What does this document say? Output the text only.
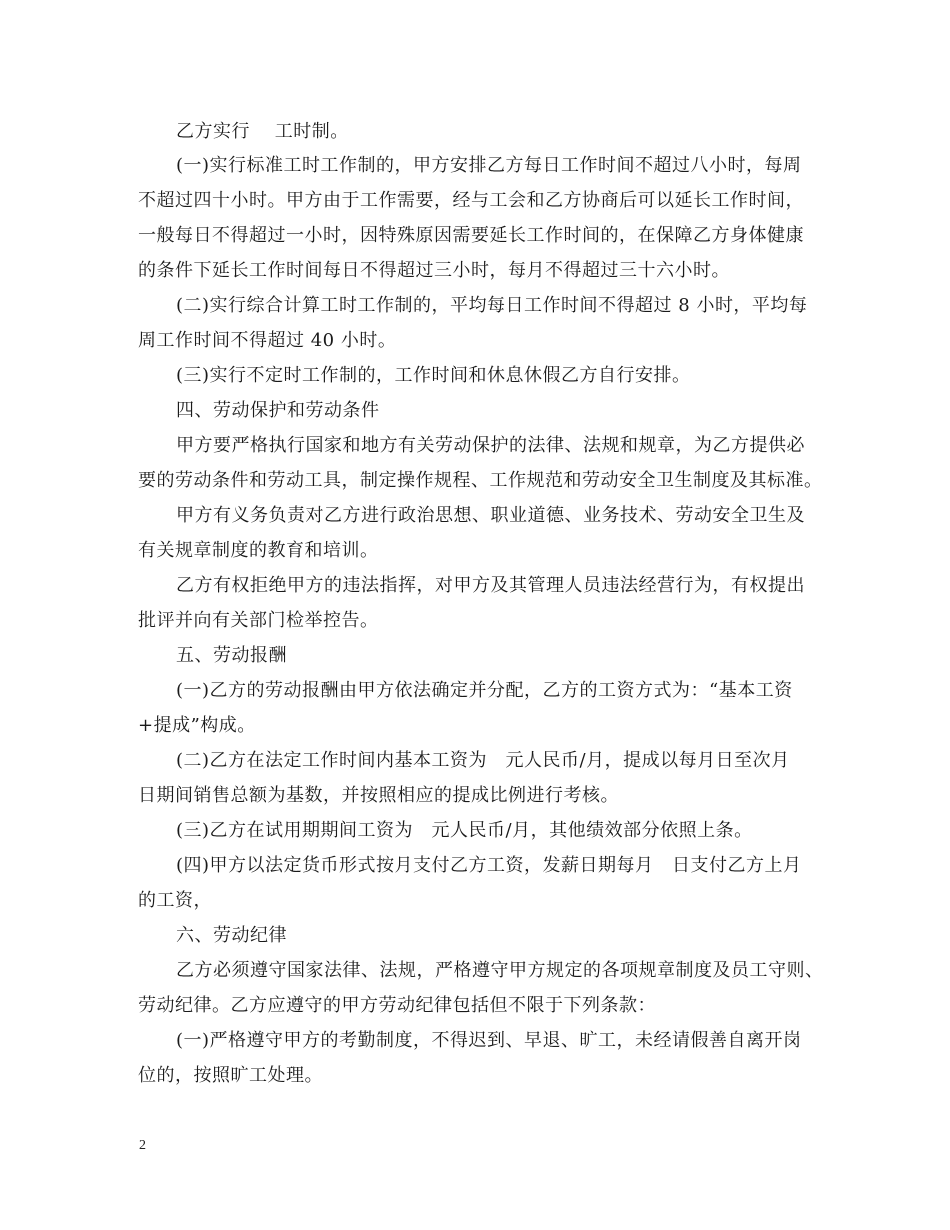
乙方实行　 工时制。
(一)实行标准工时工作制的，甲方安排乙方每日工作时间不超过八小时，每周
不超过四十小时。甲方由于工作需要，经与工会和乙方协商后可以延长工作时间，
一般每日不得超过一小时，因特殊原因需要延长工作时间的，在保障乙方身体健康
的条件下延长工作时间每日不得超过三小时，每月不得超过三十六小时。
(二)实行综合计算工时工作制的，平均每日工作时间不得超过 8 小时，平均每
周工作时间不得超过 40 小时。
(三)实行不定时工作制的，工作时间和休息休假乙方自行安排。
四、劳动保护和劳动条件
甲方要严格执行国家和地方有关劳动保护的法律、法规和规章，为乙方提供必
要的劳动条件和劳动工具，制定操作规程、工作规范和劳动安全卫生制度及其标准。
甲方有义务负责对乙方进行政治思想、职业道德、业务技术、劳动安全卫生及
有关规章制度的教育和培训。
乙方有权拒绝甲方的违法指挥，对甲方及其管理人员违法经营行为，有权提出
批评并向有关部门检举控告。
五、劳动报酬
(一)乙方的劳动报酬由甲方依法确定并分配，乙方的工资方式为：“基本工资
+提成”构成。
(二)乙方在法定工作时间内基本工资为　元人民币/月，提成以每月日至次月
日期间销售总额为基数，并按照相应的提成比例进行考核。
(三)乙方在试用期期间工资为　元人民币/月，其他绩效部分依照上条。
(四)甲方以法定货币形式按月支付乙方工资，发薪日期每月　日支付乙方上月
的工资，
六、劳动纪律
乙方必须遵守国家法律、法规，严格遵守甲方规定的各项规章制度及员工守则、
劳动纪律。乙方应遵守的甲方劳动纪律包括但不限于下列条款：
(一)严格遵守甲方的考勤制度，不得迟到、早退、旷工，未经请假善自离开岗
位的，按照旷工处理。
2
